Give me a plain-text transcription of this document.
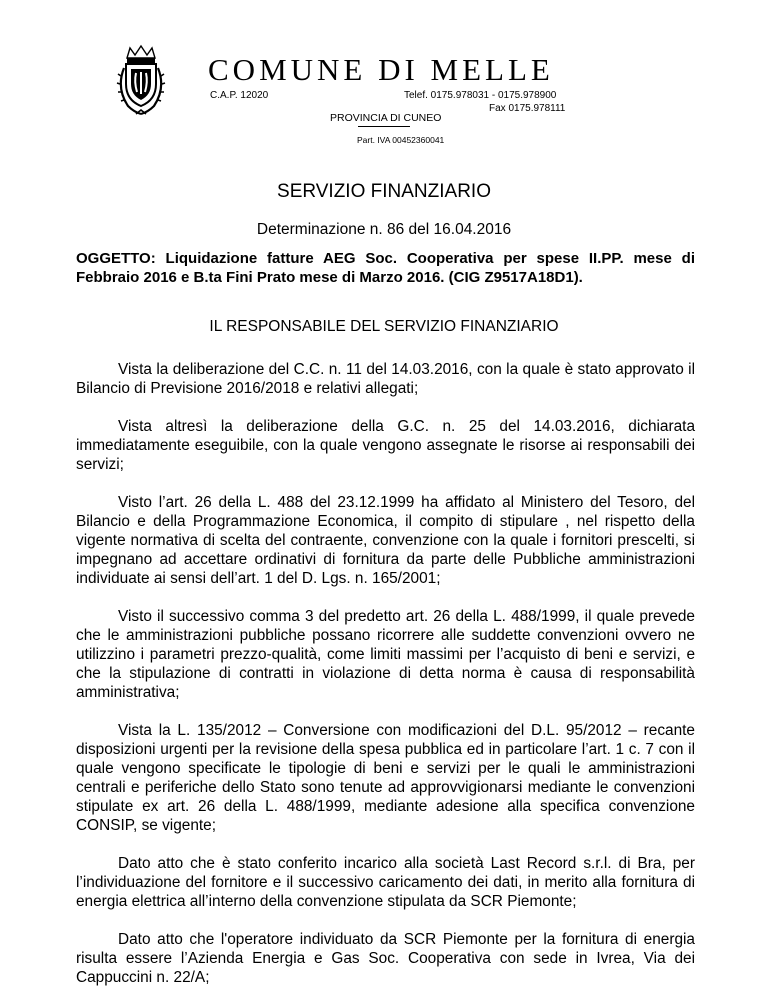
COMUNE DI MELLE
C.A.P. 12020	Telef. 0175.978031 - 0175.978900
Fax 0175.978111
PROVINCIA DI CUNEO
Part. IVA 00452360041
SERVIZIO FINANZIARIO
Determinazione n. 86 del 16.04.2016
OGGETTO: Liquidazione fatture AEG Soc. Cooperativa per spese II.PP. mese di Febbraio 2016 e B.ta Fini Prato mese di Marzo 2016. (CIG Z9517A18D1).
IL RESPONSABILE DEL SERVIZIO FINANZIARIO

Vista la deliberazione del C.C. n. 11 del 14.03.2016, con la quale è stato approvato il Bilancio di Previsione 2016/2018 e relativi allegati;

Vista altresì la deliberazione della G.C. n. 25 del 14.03.2016, dichiarata immediatamente eseguibile, con la quale vengono assegnate le risorse ai responsabili dei servizi;

Visto l’art. 26 della L. 488 del 23.12.1999 ha affidato al Ministero del Tesoro, del Bilancio e della Programmazione Economica, il compito di stipulare , nel rispetto della vigente normativa di scelta del contraente, convenzione con la quale i fornitori prescelti, si impegnano ad accettare ordinativi di fornitura da parte delle Pubbliche amministrazioni individuate ai sensi dell’art. 1 del D. Lgs. n. 165/2001;

Visto il successivo comma 3 del predetto art. 26 della L. 488/1999, il quale prevede che le amministrazioni pubbliche possano ricorrere alle suddette convenzioni ovvero ne utilizzino i parametri prezzo-qualità, come limiti massimi per l’acquisto di beni e servizi, e che la stipulazione di contratti in violazione di detta norma è causa di responsabilità amministrativa;

Vista la L. 135/2012 – Conversione con modificazioni del D.L. 95/2012 – recante disposizioni urgenti per la revisione della spesa pubblica ed in particolare l’art. 1 c. 7 con il quale vengono specificate le tipologie di beni e servizi per le quali le amministrazioni centrali e periferiche dello Stato sono tenute ad approvvigionarsi mediante le convenzioni stipulate ex art. 26 della L. 488/1999, mediante adesione alla specifica convenzione CONSIP, se vigente;

Dato atto che è stato conferito incarico alla società Last Record s.r.l. di Bra, per l’individuazione del fornitore e il successivo caricamento dei dati, in merito alla fornitura di energia elettrica all’interno della convenzione stipulata da SCR Piemonte;

Dato atto che l'operatore individuato da SCR Piemonte per la fornitura di energia risulta essere l’Azienda Energia e Gas Soc. Cooperativa con sede in Ivrea, Via dei Cappuccini n. 22/A;
